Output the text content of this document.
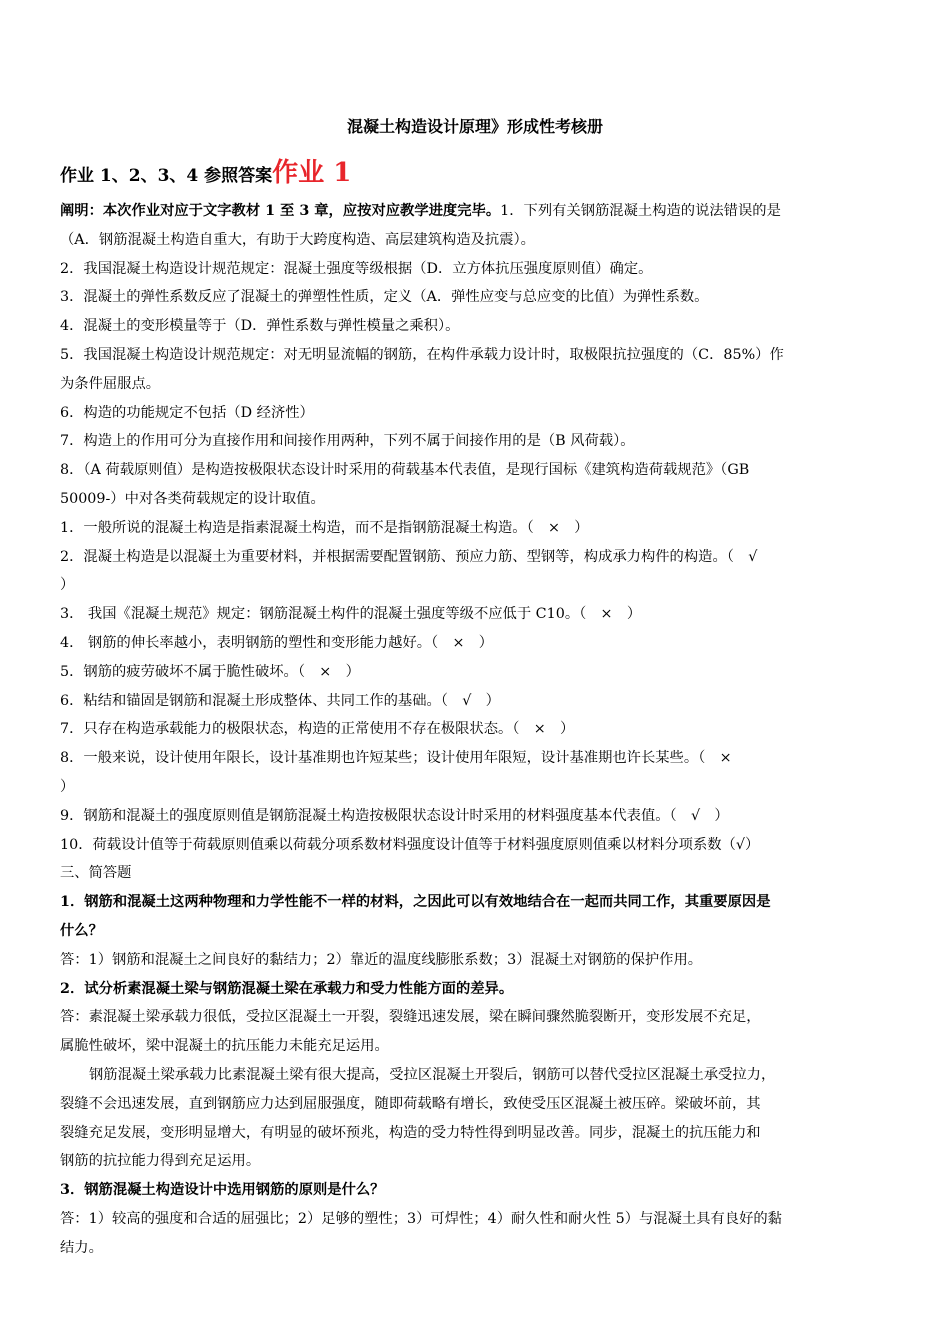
混凝土构造设计原理》形成性考核册
作业 1、2、3、4 参照答案作业 1
阐明：本次作业对应于文字教材 1 至 3 章，应按对应教学进度完毕。1．下列有关钢筋混凝土构造的说法错误的是
（A．钢筋混凝土构造自重大，有助于大跨度构造、高层建筑构造及抗震）。
2．我国混凝土构造设计规范规定：混凝土强度等级根据（D．立方体抗压强度原则值）确定。
3．混凝土的弹性系数反应了混凝土的弹塑性性质，定义（A．弹性应变与总应变的比值）为弹性系数。
4．混凝土的变形模量等于（D．弹性系数与弹性模量之乘积）。
5．我国混凝土构造设计规范规定：对无明显流幅的钢筋，在构件承载力设计时，取极限抗拉强度的（C．85%）作
为条件屈服点。
6．构造的功能规定不包括（D 经济性）
7．构造上的作用可分为直接作用和间接作用两种，下列不属于间接作用的是（B 风荷载）。
8．（A 荷载原则值）是构造按极限状态设计时采用的荷载基本代表值，是现行国标《建筑构造荷载规范》（GB
50009-）中对各类荷载规定的设计取值。
1．一般所说的混凝土构造是指素混凝土构造，而不是指钢筋混凝土构造。（　×　）
2．混凝土构造是以混凝土为重要材料，并根据需要配置钢筋、预应力筋、型钢等，构成承力构件的构造。（　√
）
3． 我国《混凝土规范》规定：钢筋混凝土构件的混凝土强度等级不应低于 C10。（　×　）
4． 钢筋的伸长率越小，表明钢筋的塑性和变形能力越好。（　×　）
5．钢筋的疲劳破坏不属于脆性破坏。（　×　）
6．粘结和锚固是钢筋和混凝土形成整体、共同工作的基础。（　√　）
7．只存在构造承载能力的极限状态，构造的正常使用不存在极限状态。（　×　）
8．一般来说，设计使用年限长，设计基准期也许短某些；设计使用年限短，设计基准期也许长某些。（　×
）
9．钢筋和混凝土的强度原则值是钢筋混凝土构造按极限状态设计时采用的材料强度基本代表值。（　√　）
10．荷载设计值等于荷载原则值乘以荷载分项系数材料强度设计值等于材料强度原则值乘以材料分项系数（√）
三、简答题
1．钢筋和混凝土这两种物理和力学性能不一样的材料，之因此可以有效地结合在一起而共同工作，其重要原因是
什么？
答：1）钢筋和混凝土之间良好的黏结力；2）靠近的温度线膨胀系数；3）混凝土对钢筋的保护作用。
2．试分析素混凝土梁与钢筋混凝土梁在承载力和受力性能方面的差异。
答：素混凝土梁承载力很低，受拉区混凝土一开裂，裂缝迅速发展，梁在瞬间骤然脆裂断开，变形发展不充足，
属脆性破坏，梁中混凝土的抗压能力未能充足运用。
钢筋混凝土梁承载力比素混凝土梁有很大提高，受拉区混凝土开裂后，钢筋可以替代受拉区混凝土承受拉力，
裂缝不会迅速发展，直到钢筋应力达到屈服强度，随即荷载略有增长，致使受压区混凝土被压碎。梁破坏前，其
裂缝充足发展，变形明显增大，有明显的破坏预兆，构造的受力特性得到明显改善。同步，混凝土的抗压能力和
钢筋的抗拉能力得到充足运用。
3．钢筋混凝土构造设计中选用钢筋的原则是什么？
答：1）较高的强度和合适的屈强比；2）足够的塑性；3）可焊性；4）耐久性和耐火性 5）与混凝土具有良好的黏
结力。
